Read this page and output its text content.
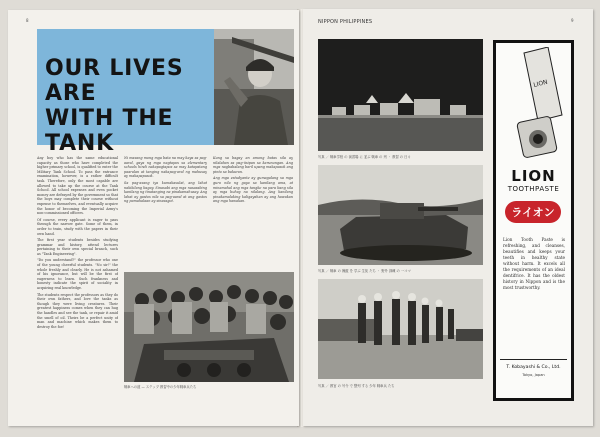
8	NIPPON PHILIPPINES	9
OUR LIVES ARE
WITH THE TANK

Any boy who has the same educational capacity as those who have completed the higher primary school, is qualified to enter the Military Tank School. To pass the entrance examination, however, is a rather difficult task. Therefore, only the most capable are allowed to take up the course at the Tank School. All school expenses and even pocket money are defrayed by the government so that the boys may complete their course without expense to themselves, and eventually acquire the honor of becoming the Imperial Army's non-commissioned officers.

Of course, every applicant is eager to pass through the narrow gate. Some of them, in order to train, study with the papers in their own hand.

The first year students besides studying grammar and history, attend lectures pertaining to their own special branch, such as "Tank Engineering".

"Do you understand?" the professor who one of the young cheerful students. "No sir!" the whole freshly and clearly. He is not ashamed of his ignorance, but will be the first of eagerness to learn. Such frankness and honesty indicate the spirit of sociality in acquiring real knowledge.

The students respect the professors as they do their own fathers, and love the tanks as though they were living creatures. Their greatest happiness comes when they can hug the handles and see the tank, or repair it amid the smell of oil. Theirs be a perfect unity of man and machine which makes them to destroy the foe!

Ni masang mong mga bata na may kaya sa pag-aaral, gaya ng mga nagtapos sa elementary schools hindi nakapagtapos sa may katapatang paaralan at tanging nakapag-aral ng mahusay ay makapapasok.

Sa pag-asang iya kumakasulat, ang lahat nakikilang bagay. Sinasabi ang mga nasasabing kanilang ng tinatanging na pinakamahusay. Ang lahat ay gastos nila sa pag-aaral at ang gastos ng pamahalaan ay sinasagot.

Kung sa bagay an among batas sila ay nilalaban sa pag-iisipan sa karunungan. Ang mga nagbabalang baril upang makapasok ang pinto sa bakuran.

Ang mga estudyante ay gumagalang sa mga guro nila ng gaya sa kanilang ama, at minamahal ang mga tangke na para bang sila ay mga buhay na nilalang. Ang kanilang pinakamalaking kaligayahan ay ang hawakan ang mga hawakan.

戦車への道 — ステップ 教習中の少年戦車兵たち
写真 ／ 戦車学校 の 演習場 に 並ぶ 戦車 の 列 ・ 教習 の 日々
写真 ／ 戦車 の 操縦 を 学ぶ 生徒 たち ・ 野外 訓練 の 一コマ
写真 ／ 教官 の 号令 で 整列 する 少年 戦車兵 たち
LION
LION
TOOTHPASTE
ライオン
Lion Tooth Paste is refreshing, and cleanses, beautifies and keeps your teeth in healthy state without harm. It excels all the requirements of an ideal dentifrice. It has the oldest history in Nippon and is the most trustworthy.
T. Kobayashi & Co., Ltd.
Tokyo, Japan
